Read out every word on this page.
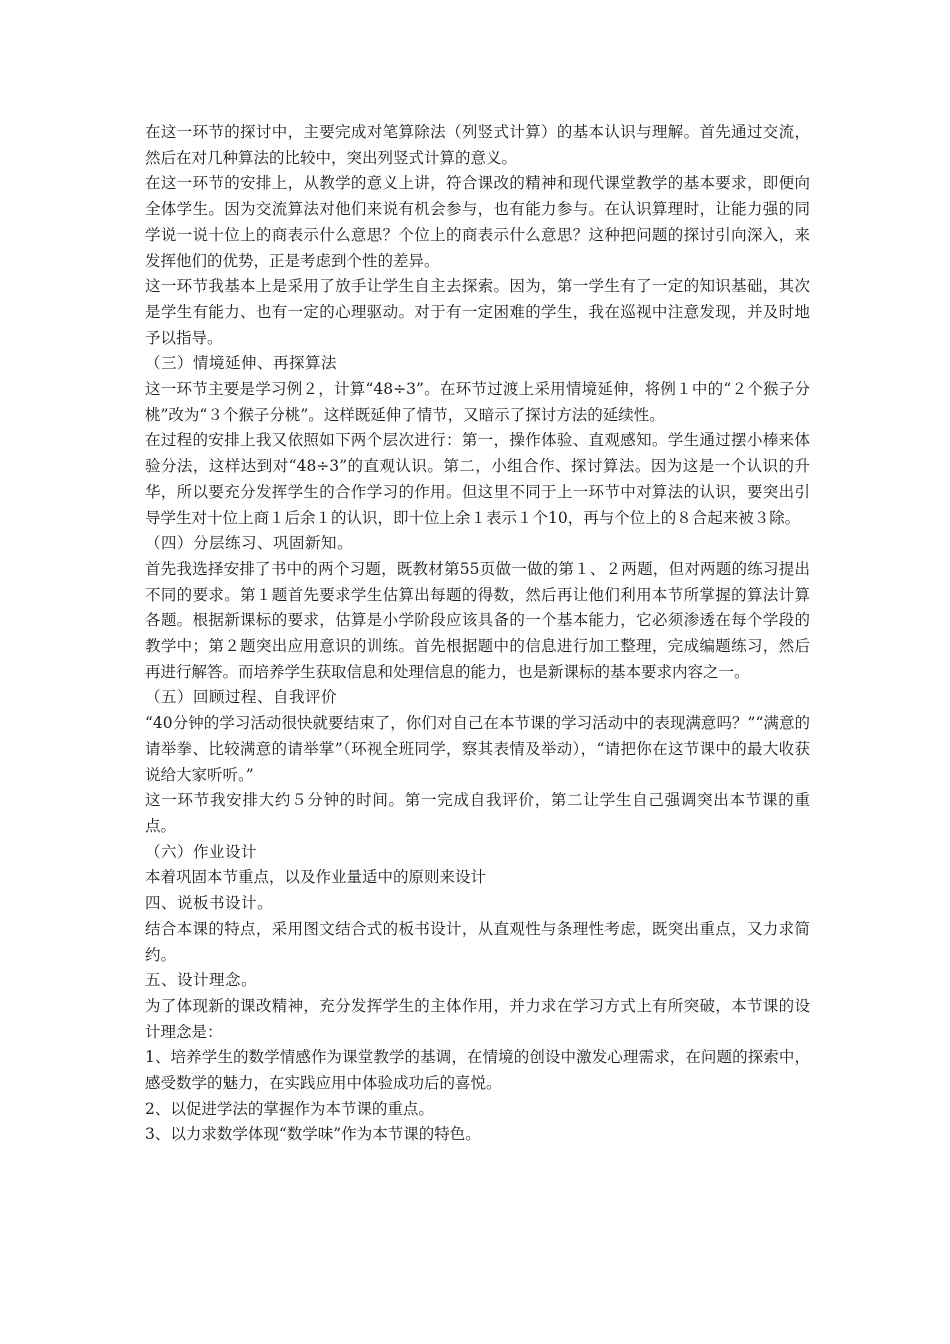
在这一环节的探讨中，主要完成对笔算除法（列竖式计算）的基本认识与理解。首先通过交流，然后在对几种算法的比较中，突出列竖式计算的意义。

在这一环节的安排上，从教学的意义上讲，符合课改的精神和现代课堂教学的基本要求，即便向全体学生。因为交流算法对他们来说有机会参与，也有能力参与。在认识算理时，让能力强的同学说一说十位上的商表示什么意思？个位上的商表示什么意思？这种把问题的探讨引向深入，来发挥他们的优势，正是考虑到个性的差异。

这一环节我基本上是采用了放手让学生自主去探索。因为，第一学生有了一定的知识基础，其次是学生有能力、也有一定的心理驱动。对于有一定困难的学生，我在巡视中注意发现，并及时地予以指导。

（三）情境延伸、再探算法

这一环节主要是学习例２，计算“48÷3”。在环节过渡上采用情境延伸，将例１中的“２个猴子分桃”改为“３个猴子分桃”。这样既延伸了情节，又暗示了探讨方法的延续性。

在过程的安排上我又依照如下两个层次进行：第一，操作体验、直观感知。学生通过摆小棒来体验分法，这样达到对“48÷3”的直观认识。第二，小组合作、探讨算法。因为这是一个认识的升华，所以要充分发挥学生的合作学习的作用。但这里不同于上一环节中对算法的认识，要突出引导学生对十位上商１后余１的认识，即十位上余１表示１个10，再与个位上的８合起来被３除。

（四）分层练习、巩固新知。

首先我选择安排了书中的两个习题，既教材第55页做一做的第１、２两题，但对两题的练习提出不同的要求。第１题首先要求学生估算出每题的得数，然后再让他们利用本节所掌握的算法计算各题。根据新课标的要求，估算是小学阶段应该具备的一个基本能力，它必须渗透在每个学段的教学中；第２题突出应用意识的训练。首先根据题中的信息进行加工整理，完成编题练习，然后再进行解答。而培养学生获取信息和处理信息的能力，也是新课标的基本要求内容之一。

（五）回顾过程、自我评价

“40分钟的学习活动很快就要结束了，你们对自己在本节课的学习活动中的表现满意吗？”“满意的请举拳、比较满意的请举掌”（环视全班同学，察其表情及举动），“请把你在这节课中的最大收获说给大家听听。”

这一环节我安排大约５分钟的时间。第一完成自我评价，第二让学生自己强调突出本节课的重点。

（六）作业设计

本着巩固本节重点，以及作业量适中的原则来设计

四、说板书设计。

结合本课的特点，采用图文结合式的板书设计，从直观性与条理性考虑，既突出重点，又力求简约。

五、设计理念。

为了体现新的课改精神，充分发挥学生的主体作用，并力求在学习方式上有所突破，本节课的设计理念是：

1、培养学生的数学情感作为课堂教学的基调，在情境的创设中激发心理需求，在问题的探索中，感受数学的魅力，在实践应用中体验成功后的喜悦。

2、以促进学法的掌握作为本节课的重点。

3、以力求数学体现“数学味”作为本节课的特色。
